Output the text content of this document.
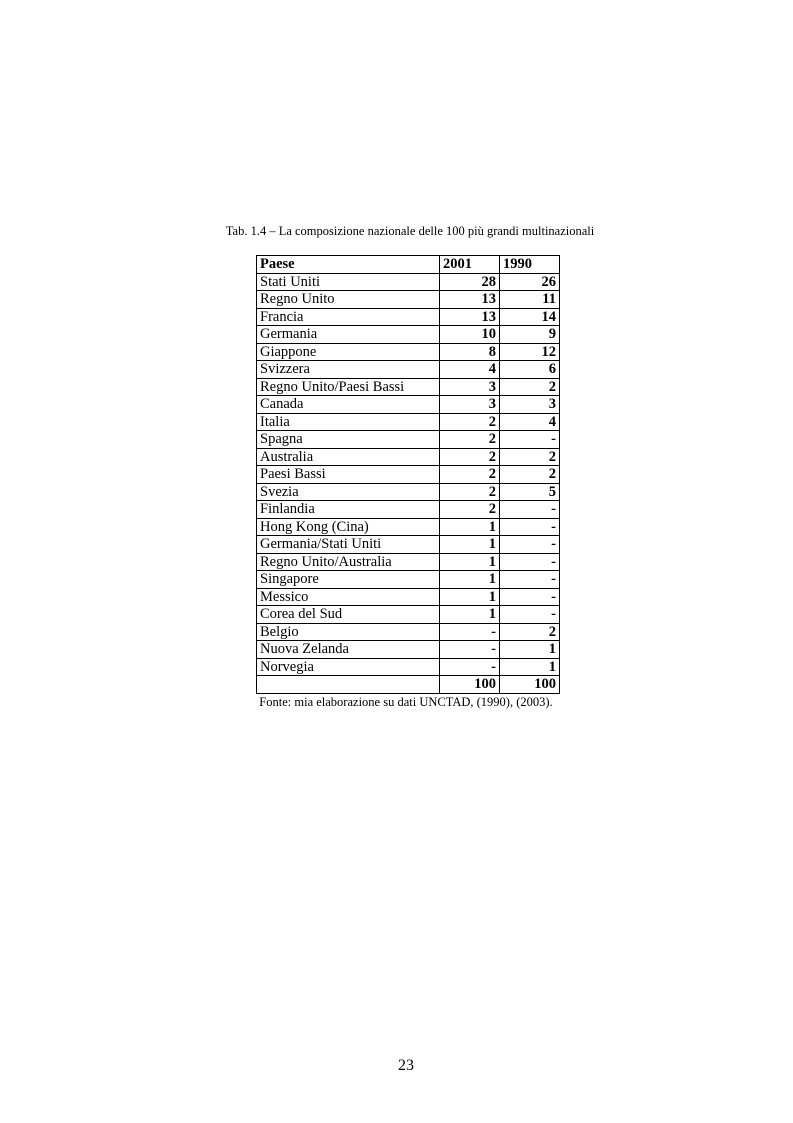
Tab. 1.4 – La composizione nazionale delle 100 più grandi multinazionali
Paese	2001	1990
Stati Uniti	28	26
Regno Unito	13	11
Francia	13	14
Germania	10	9
Giappone	8	12
Svizzera	4	6
Regno Unito/Paesi Bassi	3	2
Canada	3	3
Italia	2	4
Spagna	2	-
Australia	2	2
Paesi Bassi	2	2
Svezia	2	5
Finlandia	2	-
Hong Kong (Cina)	1	-
Germania/Stati Uniti	1	-
Regno Unito/Australia	1	-
Singapore	1	-
Messico	1	-
Corea del Sud	1	-
Belgio	-	2
Nuova Zelanda	-	1
Norvegia	-	1
	100	100
Fonte: mia elaborazione su dati UNCTAD, (1990), (2003).
23
